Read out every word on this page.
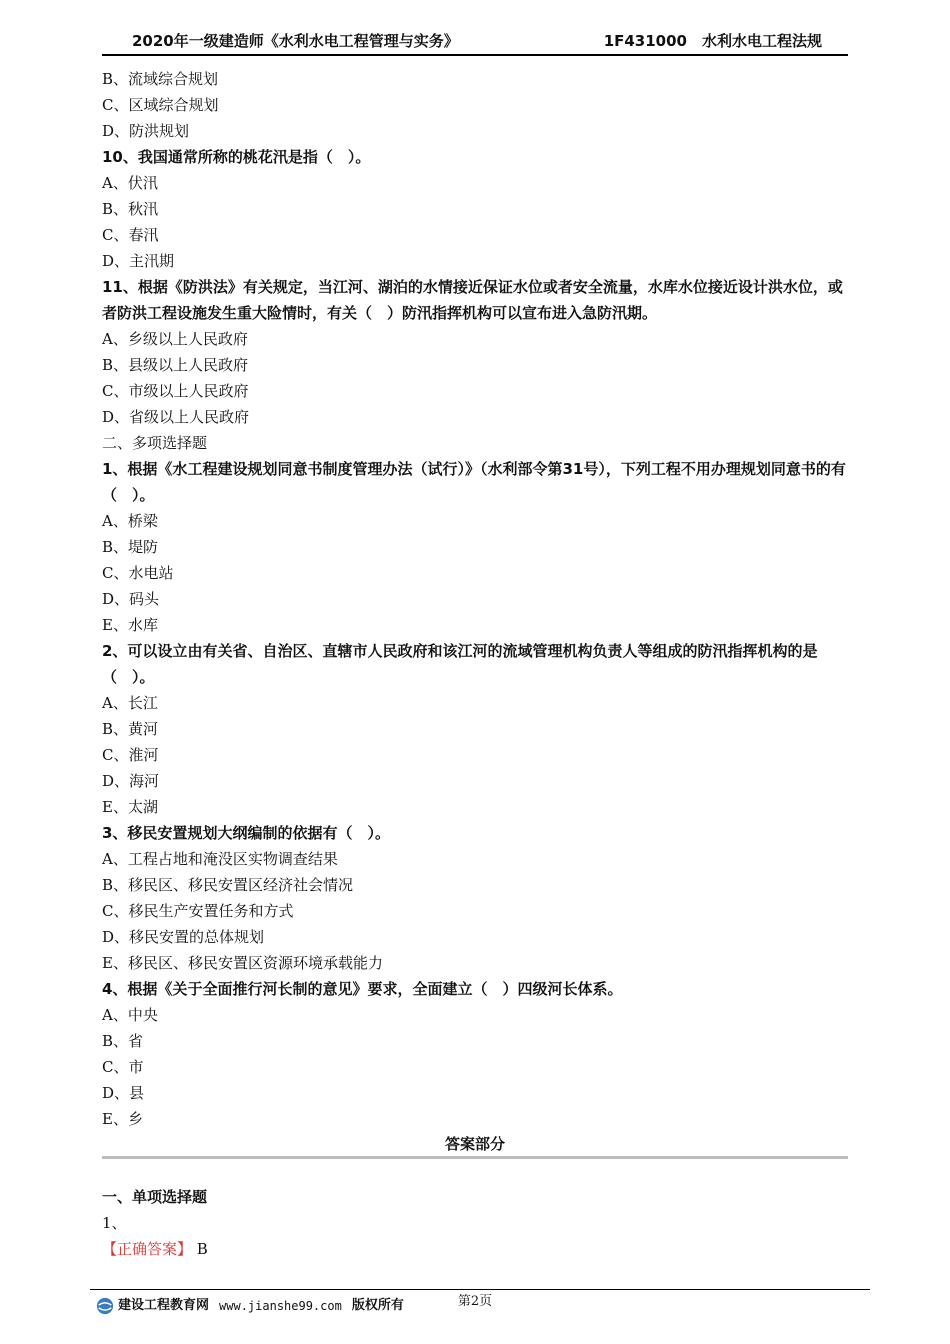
2020年一级建造师《水利水电工程管理与实务》	1F431000　水利水电工程法规
B、流域综合规划
C、区域综合规划
D、防洪规划
10、我国通常所称的桃花汛是指（　）。
A、伏汛
B、秋汛
C、春汛
D、主汛期
11、根据《防洪法》有关规定，当江河、湖泊的水情接近保证水位或者安全流量，水库水位接近设计洪水位，或者防洪工程设施发生重大险情时，有关（　）防汛指挥机构可以宣布进入急防汛期。
A、乡级以上人民政府
B、县级以上人民政府
C、市级以上人民政府
D、省级以上人民政府
二、多项选择题
1、根据《水工程建设规划同意书制度管理办法（试行）》（水利部令第31号），下列工程不用办理规划同意书的有（　）。
A、桥梁
B、堤防
C、水电站
D、码头
E、水库
2、可以设立由有关省、自治区、直辖市人民政府和该江河的流域管理机构负责人等组成的防汛指挥机构的是（　）。
A、长江
B、黄河
C、淮河
D、海河
E、太湖
3、移民安置规划大纲编制的依据有（　）。
A、工程占地和淹没区实物调查结果
B、移民区、移民安置区经济社会情况
C、移民生产安置任务和方式
D、移民安置的总体规划
E、移民区、移民安置区资源环境承载能力
4、根据《关于全面推行河长制的意见》要求，全面建立（　）四级河长体系。
A、中央
B、省
C、市
D、县
E、乡
答案部分
一、单项选择题
1、
【正确答案】 B
第2页
建设工程教育网 www.jianshe99.com 版权所有
